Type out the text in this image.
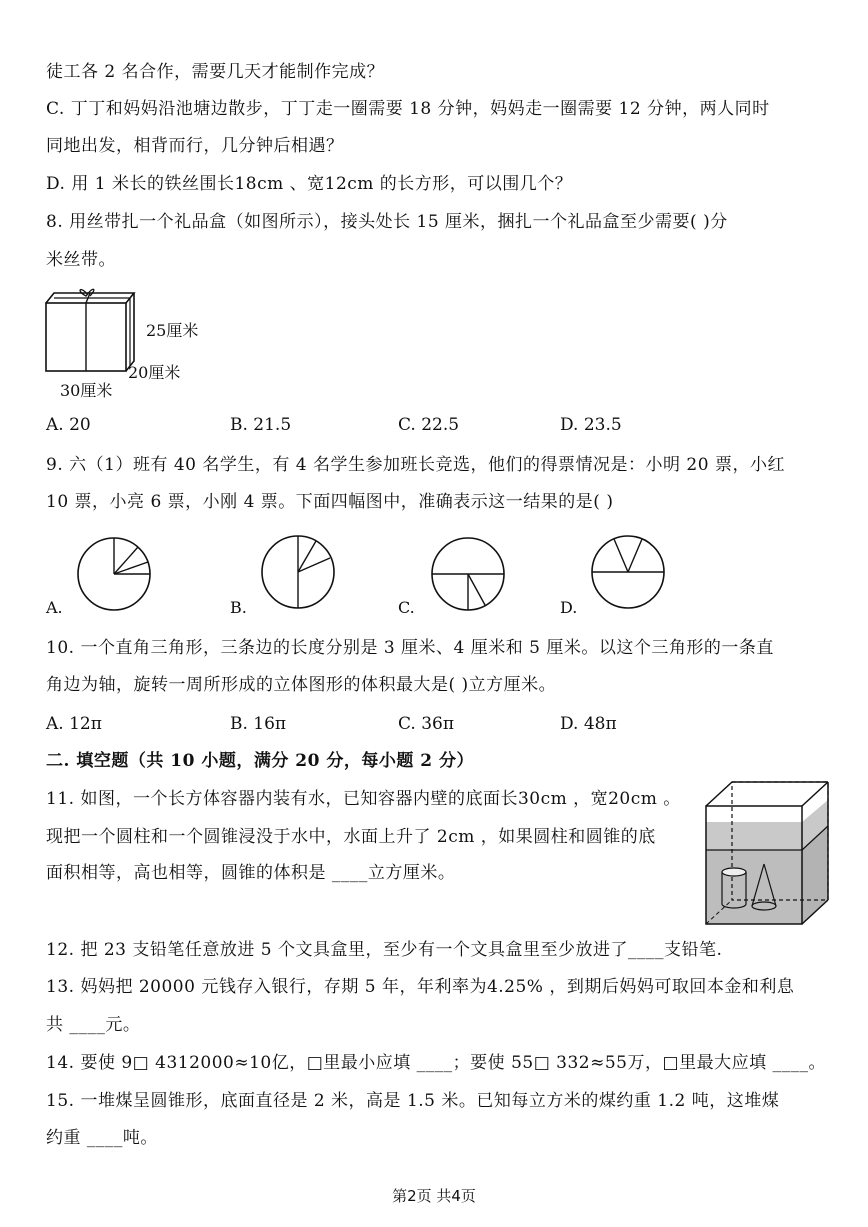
徒工各 2 名合作，需要几天才能制作完成？
C. 丁丁和妈妈沿池塘边散步，丁丁走一圈需要 18 分钟，妈妈走一圈需要 12 分钟，两人同时
同地出发，相背而行，几分钟后相遇？
D. 用 1 米长的铁丝围长18cm 、宽12cm 的长方形，可以围几个？
8. 用丝带扎一个礼品盒（如图所示），接头处长 15 厘米，捆扎一个礼品盒至少需要( )分
米丝带。
25厘米
20厘米
30厘米
A. 20	B. 21.5	C. 22.5	D. 23.5
9. 六（1）班有 40 名学生，有 4 名学生参加班长竞选，他们的得票情况是：小明 20 票，小红
10 票，小亮 6 票，小刚 4 票。下面四幅图中，准确表示这一结果的是( )
A.	B.	C.	D.
10. 一个直角三角形，三条边的长度分别是 3 厘米、4 厘米和 5 厘米。以这个三角形的一条直
角边为轴，旋转一周所形成的立体图形的体积最大是( )立方厘米。
A. 12π	B. 16π	C. 36π	D. 48π
二. 填空题（共 10 小题，满分 20 分，每小题 2 分）
11. 如图，一个长方体容器内装有水，已知容器内壁的底面长30cm ，宽20cm 。
现把一个圆柱和一个圆锥浸没于水中，水面上升了 2cm ，如果圆柱和圆锥的底
面积相等，高也相等，圆锥的体积是 ____立方厘米。
12. 把 23 支铅笔任意放进 5 个文具盒里，至少有一个文具盒里至少放进了____支铅笔.
13. 妈妈把 20000 元钱存入银行，存期 5 年，年利率为4.25% ，到期后妈妈可取回本金和利息
共 ____元。
14. 要使 9□ 4312000≈10亿，□里最小应填 ____；要使 55□ 332≈55万，□里最大应填 ____。
15. 一堆煤呈圆锥形，底面直径是 2 米，高是 1.5 米。已知每立方米的煤约重 1.2 吨，这堆煤
约重 ____吨。
第2页 共4页
